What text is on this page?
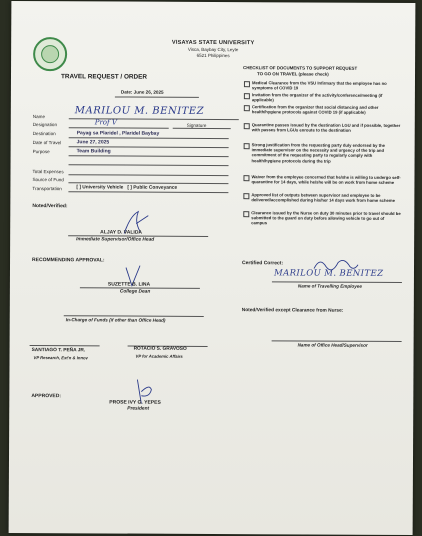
VISAYAS STATE UNIVERSITY
Visca, Baybay City, Leyte
6521 Philippines
TRAVEL REQUEST / ORDER
Date: June 26, 2025
Name	MARILOU M. BENITEZ
Designation	Prof V	Signature
Destination	Payag sa Plaridel , Plaridel Baybay
Date of Travel	June 27, 2025
Purpose	Team Building
Total Expenses
Source of Fund
Transportation	[ ] University Vehicle   [ ] Public Conveyance
Noted/Verified:
ALJAY D. VALIDA
Immediate Supervisor/Office Head
RECOMMENDING APPROVAL:
SUZETTE B. LINA
College Dean
In-Charge of Funds (if other than Office Head)
SANTIAGO T. PEÑA JR.
VP Research, Ext'n & Innov
ROTACIO S. GRAVOSO
VP for Academic Affairs
APPROVED:
PROSE IVY G. YEPES
President
CHECKLIST OF DOCUMENTS TO SUPPORT REQUEST
TO GO ON TRAVEL (please check)
Medical Clearance from the VSU Infirmary that the employee has no symptoms of COVID 19
Invitation from the organizer of the activity/conference/meeting (if applicable)
Certification from the organizer that social distancing and other health/hygiene protocols against COVID 19 (if applicable)
Quarantine passes issued by the destination LGU and if possible, together with passes from LGUs enroute to the destination
Strong justification from the requesting party duly endorsed by the immediate supervisor on the necessity and urgency of the trip and commitment of the requesting party to regularly comply with health/hygiene protocols during the trip
Waiver from the employee concerned that he/she is willing to undergo self-quarantine for 14 days, while he/she will be on work from home scheme
Approved list of outputs between supervisor and employee to be delivered/accomplished during his/her 14 days work from home scheme
Clearance issued by the Nurse on duty 30 minutes prior to travel should be submitted to the guard on duty before allowing vehicle to go out of campus
Certified Correct:
MARILOU M. BENITEZ
Name of Travelling Employee
Noted/Verified except Clearance from Nurse:
Name of Office Head/Supervisor
